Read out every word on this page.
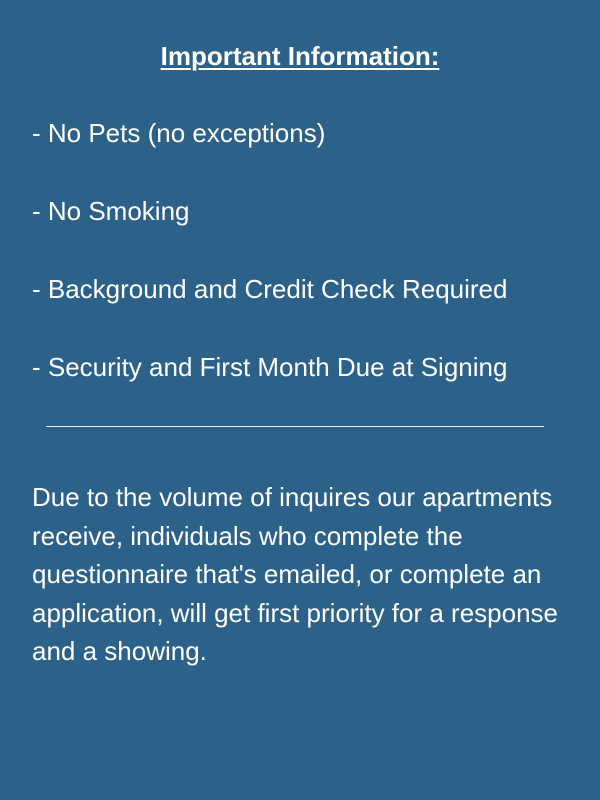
Important Information:
- No Pets (no exceptions)
- No Smoking
- Background and Credit Check Required
- Security and First Month Due at Signing

Due to the volume of inquires our apartments receive, individuals who complete the questionnaire that's emailed, or complete an application, will get first priority for a response and a showing.
